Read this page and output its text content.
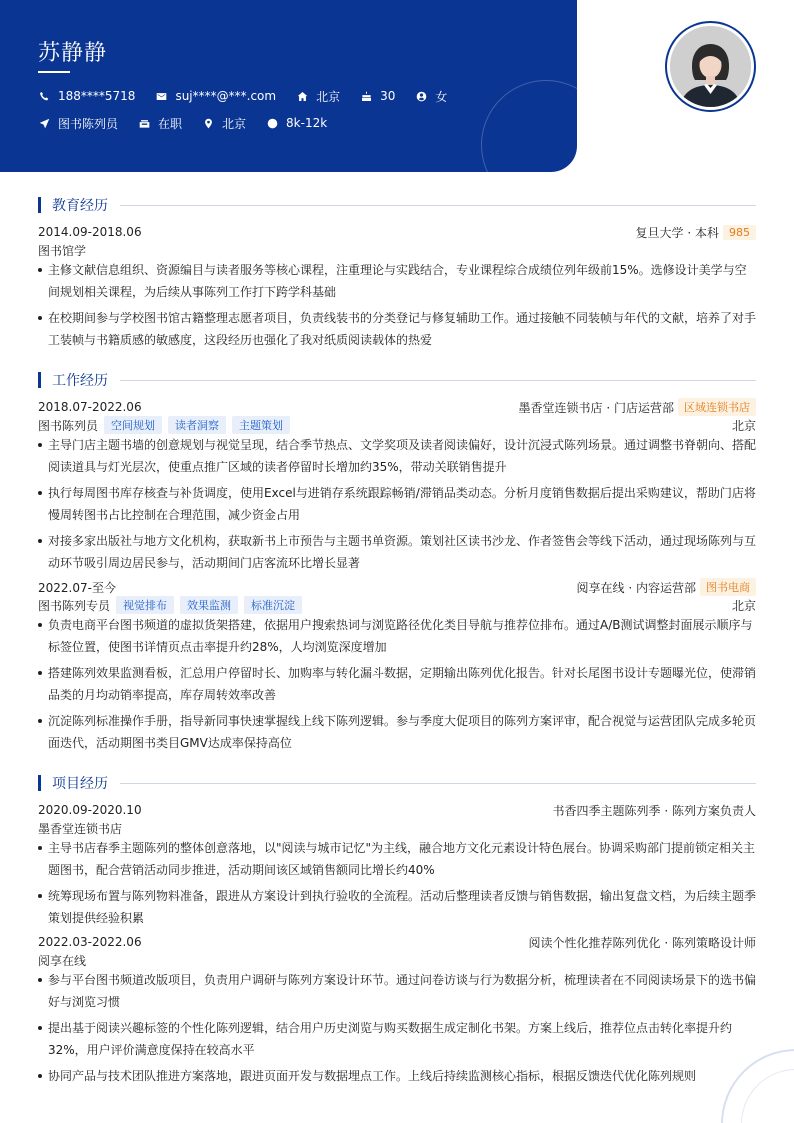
苏静静
188****5718	suj****@***.com	北京	30	女
图书陈列员	在职	北京	8k-12k
教育经历
2014.09-2018.06	复旦大学 · 本科 985
图书馆学
主修文献信息组织、资源编目与读者服务等核心课程，注重理论与实践结合，专业课程综合成绩位列年级前15%。选修设计美学与空间规划相关课程，为后续从事陈列工作打下跨学科基础
在校期间参与学校图书馆古籍整理志愿者项目，负责线装书的分类登记与修复辅助工作。通过接触不同装帧与年代的文献，培养了对手工装帧与书籍质感的敏感度，这段经历也强化了我对纸质阅读载体的热爱
工作经历
2018.07-2022.06	墨香堂连锁书店 · 门店运营部 区域连锁书店
图书陈列员	空间规划	读者洞察	主题策划	北京
主导门店主题书墙的创意规划与视觉呈现，结合季节热点、文学奖项及读者阅读偏好，设计沉浸式陈列场景。通过调整书脊朝向、搭配阅读道具与灯光层次，使重点推广区域的读者停留时长增加约35%，带动关联销售提升
执行每周图书库存核查与补货调度，使用Excel与进销存系统跟踪畅销/滞销品类动态。分析月度销售数据后提出采购建议，帮助门店将慢周转图书占比控制在合理范围，减少资金占用
对接多家出版社与地方文化机构，获取新书上市预告与主题书单资源。策划社区读书沙龙、作者签售会等线下活动，通过现场陈列与互动环节吸引周边居民参与，活动期间门店客流环比增长显著
2022.07-至今	阅享在线 · 内容运营部 图书电商
图书陈列专员	视觉排布	效果监测	标准沉淀	北京
负责电商平台图书频道的虚拟货架搭建，依据用户搜索热词与浏览路径优化类目导航与推荐位排布。通过A/B测试调整封面展示顺序与标签位置，使图书详情页点击率提升约28%，人均浏览深度增加
搭建陈列效果监测看板，汇总用户停留时长、加购率与转化漏斗数据，定期输出陈列优化报告。针对长尾图书设计专题曝光位，使滞销品类的月均动销率提高，库存周转效率改善
沉淀陈列标准操作手册，指导新同事快速掌握线上线下陈列逻辑。参与季度大促项目的陈列方案评审，配合视觉与运营团队完成多轮页面迭代，活动期图书类目GMV达成率保持高位
项目经历
2020.09-2020.10	书香四季主题陈列季 · 陈列方案负责人
墨香堂连锁书店
主导书店春季主题陈列的整体创意落地，以"阅读与城市记忆"为主线，融合地方文化元素设计特色展台。协调采购部门提前锁定相关主题图书，配合营销活动同步推进，活动期间该区域销售额同比增长约40%
统筹现场布置与陈列物料准备，跟进从方案设计到执行验收的全流程。活动后整理读者反馈与销售数据，输出复盘文档，为后续主题季策划提供经验积累
2022.03-2022.06	阅读个性化推荐陈列优化 · 陈列策略设计师
阅享在线
参与平台图书频道改版项目，负责用户调研与陈列方案设计环节。通过问卷访谈与行为数据分析，梳理读者在不同阅读场景下的选书偏好与浏览习惯
提出基于阅读兴趣标签的个性化陈列逻辑，结合用户历史浏览与购买数据生成定制化书架。方案上线后，推荐位点击转化率提升约32%，用户评价满意度保持在较高水平
协同产品与技术团队推进方案落地，跟进页面开发与数据埋点工作。上线后持续监测核心指标，根据反馈迭代优化陈列规则
